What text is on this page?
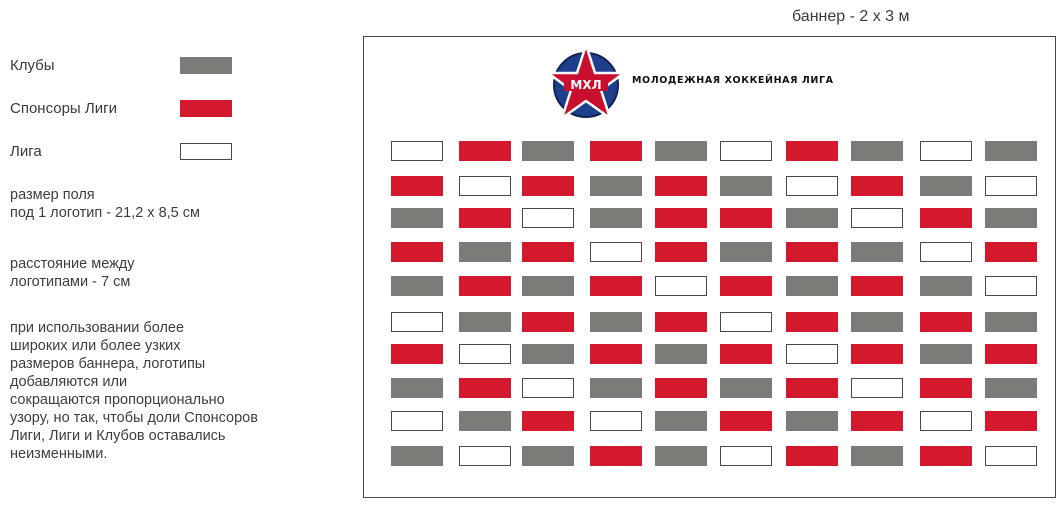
Клубы
Спонсоры Лиги
Лига
размер поля
под 1 логотип - 21,2 х 8,5 см
расстояние между
логотипами - 7 см
при использовании более
широких или более узких
размеров баннера, логотипы
добавляются или
сокращаются пропорционально
узору, но так, чтобы доли Спонсоров
Лиги, Лиги и Клубов оставались
неизменными.
баннер - 2 х 3 м
МХЛ	МОЛОДЕЖНАЯ ХОККЕЙНАЯ ЛИГА
